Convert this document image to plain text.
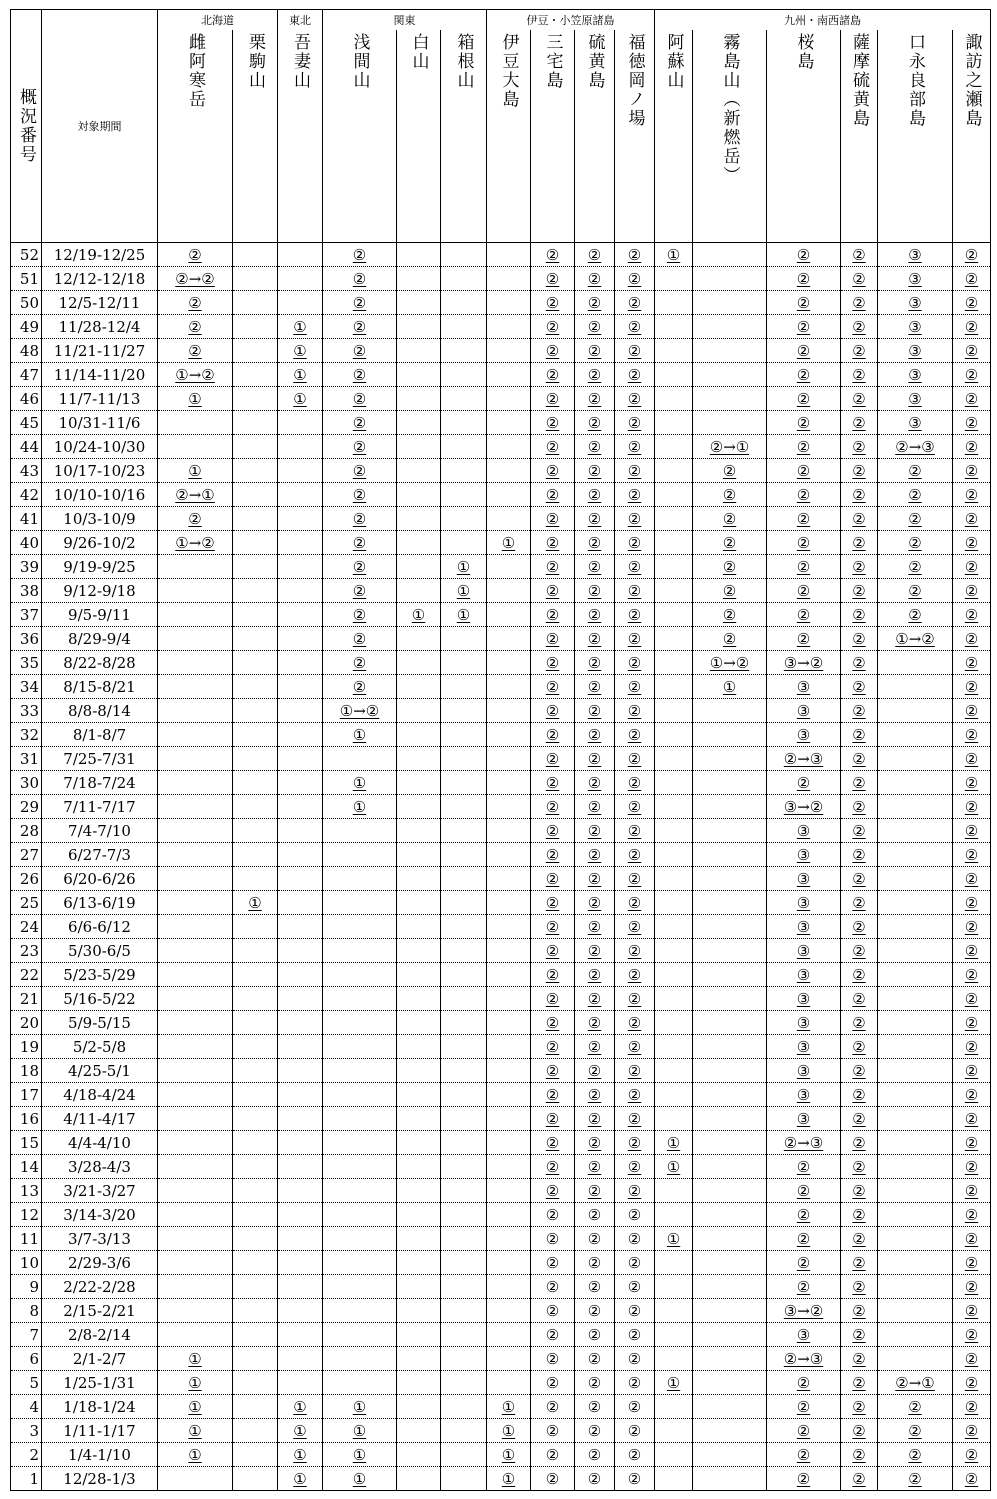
概況番号	対象期間	北海道		東北	関東			伊豆・小笠原諸島				九州・南西諸島					

		雌阿寒岳	栗駒山	吾妻山	浅間山	白山	箱根山	伊豆大島	三宅島	硫黄島	福徳岡ノ場	阿蘇山	霧島山（新燃岳）	桜島	薩摩硫黄島	口永良部島	諏訪之瀬島

52	12/19-12/25	②			②				②	②	②	①		②	②	③	②
51	12/12-12/18	②→②			②				②	②	②			②	②	③	②
50	12/5-12/11	②			②				②	②	②			②	②	③	②
49	11/28-12/4	②		①	②				②	②	②			②	②	③	②
48	11/21-11/27	②		①	②				②	②	②			②	②	③	②
47	11/14-11/20	①→②		①	②				②	②	②			②	②	③	②
46	11/7-11/13	①		①	②				②	②	②			②	②	③	②
45	10/31-11/6				②				②	②	②			②	②	③	②
44	10/24-10/30				②				②	②	②		②→①	②	②	②→③	②
43	10/17-10/23	①			②				②	②	②		②	②	②	②	②
42	10/10-10/16	②→①			②				②	②	②		②	②	②	②	②
41	10/3-10/9	②			②				②	②	②		②	②	②	②	②
40	9/26-10/2	①→②			②			①	②	②	②		②	②	②	②	②
39	9/19-9/25				②		①		②	②	②		②	②	②	②	②
38	9/12-9/18				②		①		②	②	②		②	②	②	②	②
37	9/5-9/11				②	①	①		②	②	②		②	②	②	②	②
36	8/29-9/4				②				②	②	②		②	②	②	①→②	②
35	8/22-8/28				②				②	②	②		①→②	③→②	②		②
34	8/15-8/21				②				②	②	②		①	③	②		②
33	8/8-8/14				①→②				②	②	②			③	②		②
32	8/1-8/7				①				②	②	②			③	②		②
31	7/25-7/31								②	②	②			②→③	②		②
30	7/18-7/24				①				②	②	②			②	②		②
29	7/11-7/17				①				②	②	②			③→②	②		②
28	7/4-7/10								②	②	②			③	②		②
27	6/27-7/3								②	②	②			③	②		②
26	6/20-6/26								②	②	②			③	②		②
25	6/13-6/19		①						②	②	②			③	②		②
24	6/6-6/12								②	②	②			③	②		②
23	5/30-6/5								②	②	②			③	②		②
22	5/23-5/29								②	②	②			③	②		②
21	5/16-5/22								②	②	②			③	②		②
20	5/9-5/15								②	②	②			③	②		②
19	5/2-5/8								②	②	②			③	②		②
18	4/25-5/1								②	②	②			③	②		②
17	4/18-4/24								②	②	②			③	②		②
16	4/11-4/17								②	②	②			③	②		②
15	4/4-4/10								②	②	②	①		②→③	②		②
14	3/28-4/3								②	②	②	①		②	②		②
13	3/21-3/27								②	②	②			②	②		②
12	3/14-3/20								②	②	②			②	②		②
11	3/7-3/13								②	②	②	①		②	②		②
10	2/29-3/6								②	②	②			②	②		②
9	2/22-2/28								②	②	②			②	②		②
8	2/15-2/21								②	②	②			③→②	②		②
7	2/8-2/14								②	②	②			③	②		②
6	2/1-2/7	①							②	②	②			②→③	②		②
5	1/25-1/31	①							②	②	②	①		②	②	②→①	②
4	1/18-1/24	①		①	①			①	②	②	②			②	②	②	②
3	1/11-1/17	①		①	①			①	②	②	②			②	②	②	②
2	1/4-1/10	①		①	①			①	②	②	②			②	②	②	②
1	12/28-1/3			①	①			①	②	②	②			②	②	②	②
